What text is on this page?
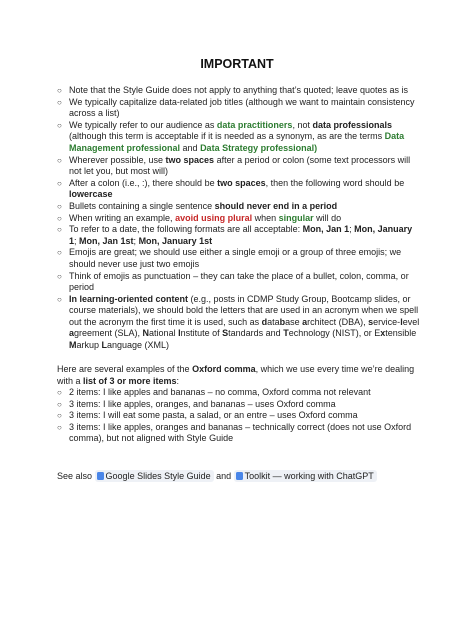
IMPORTANT
○ Note that the Style Guide does not apply to anything that’s quoted; leave quotes as is
○ We typically capitalize data-related job titles (although we want to maintain consistency across a list)
○ We typically refer to our audience as data practitioners, not data professionals (although this term is acceptable if it is needed as a synonym, as are the terms Data Management professional and Data Strategy professional)
○ Wherever possible, use two spaces after a period or colon (some text processors will not let you, but most will)
○ After a colon (i.e., :), there should be two spaces, then the following word should be lowercase
○ Bullets containing a single sentence should never end in a period
○ When writing an example, avoid using plural when singular will do
○ To refer to a date, the following formats are all acceptable: Mon, Jan 1; Mon, January 1; Mon, Jan 1st; Mon, January 1st
○ Emojis are great; we should use either a single emoji or a group of three emojis; we should never use just two emojis
○ Think of emojis as punctuation – they can take the place of a bullet, colon, comma, or period
○ In learning-oriented content (e.g., posts in CDMP Study Group, Bootcamp slides, or course materials), we should bold the letters that are used in an acronym when we spell out the acronym the first time it is used, such as database architect (DBA), service-level agreement (SLA), National Institute of Standards and Technology (NIST), or Extensible Markup Language (XML)
Here are several examples of the Oxford comma, which we use every time we’re dealing with a list of 3 or more items:
○ 2 items: I like apples and bananas – no comma, Oxford comma not relevant
○ 3 items: I like apples, oranges, and bananas – uses Oxford comma
○ 3 items: I will eat some pasta, a salad, or an entre – uses Oxford comma
○ 3 items: I like apples, oranges and bananas – technically correct (does not use Oxford comma), but not aligned with Style Guide
See also Google Slides Style Guide and Toolkit — working with ChatGPT
